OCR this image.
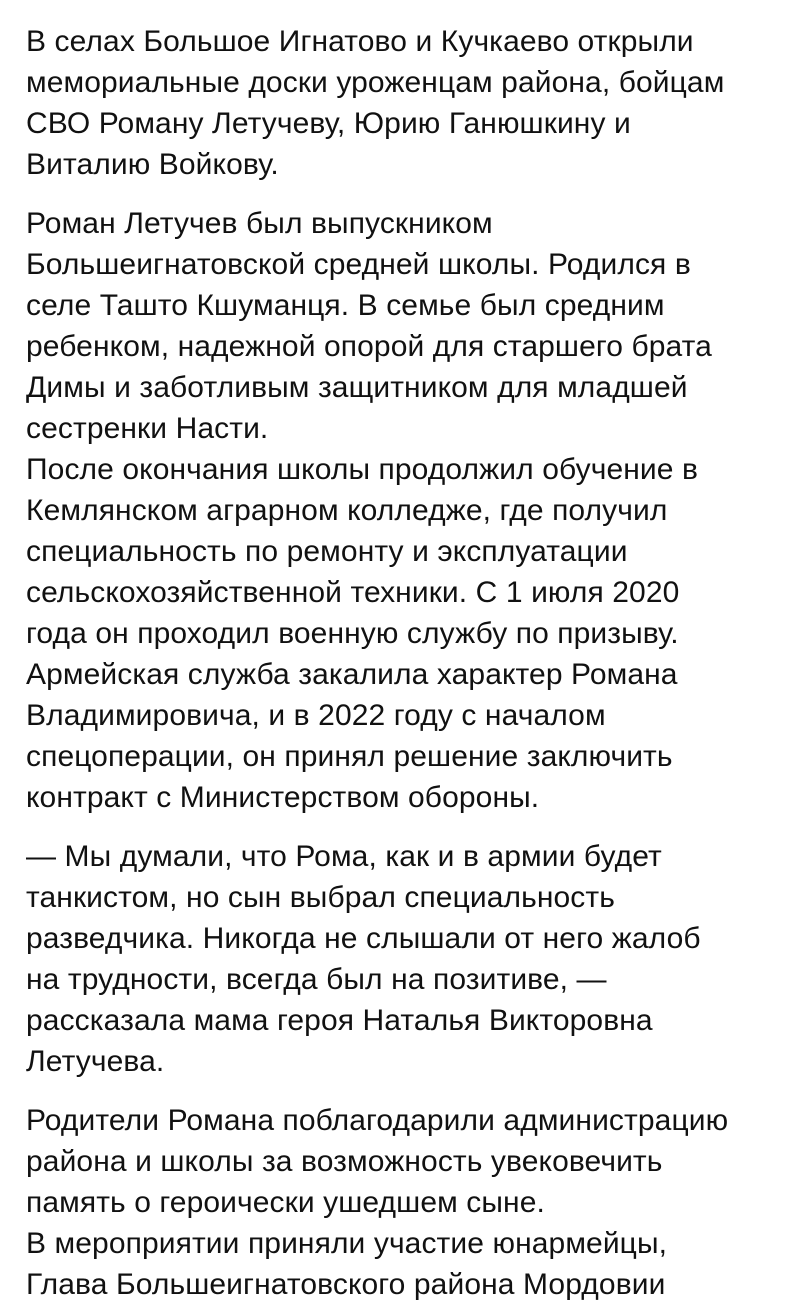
В селах Большое Игнатово и Кучкаево открыли
мемориальные доски уроженцам района, бойцам
СВО Роману Летучеву, Юрию Ганюшкину и
Виталию Войкову.

Роман Летучев был выпускником
Большеигнатовской средней школы. Родился в
селе Ташто Кшуманця. В семье был средним
ребенком, надежной опорой для старшего брата
Димы и заботливым защитником для младшей
сестренки Насти.
После окончания школы продолжил обучение в
Кемлянском аграрном колледже, где получил
специальность по ремонту и эксплуатации
сельскохозяйственной техники. С 1 июля 2020
года он проходил военную службу по призыву.
Армейская служба закалила характер Романа
Владимировича, и в 2022 году с началом
спецоперации, он принял решение заключить
контракт с Министерством обороны.

— Мы думали, что Рома, как и в армии будет
танкистом, но сын выбрал специальность
разведчика. Никогда не слышали от него жалоб
на трудности, всегда был на позитиве, —
рассказала мама героя Наталья Викторовна
Летучева.

Родители Романа поблагодарили администрацию
района и школы за возможность увековечить
память о героически ушедшем сыне.
В мероприятии приняли участие юнармейцы,
Глава Большеигнатовского района Мордовии
